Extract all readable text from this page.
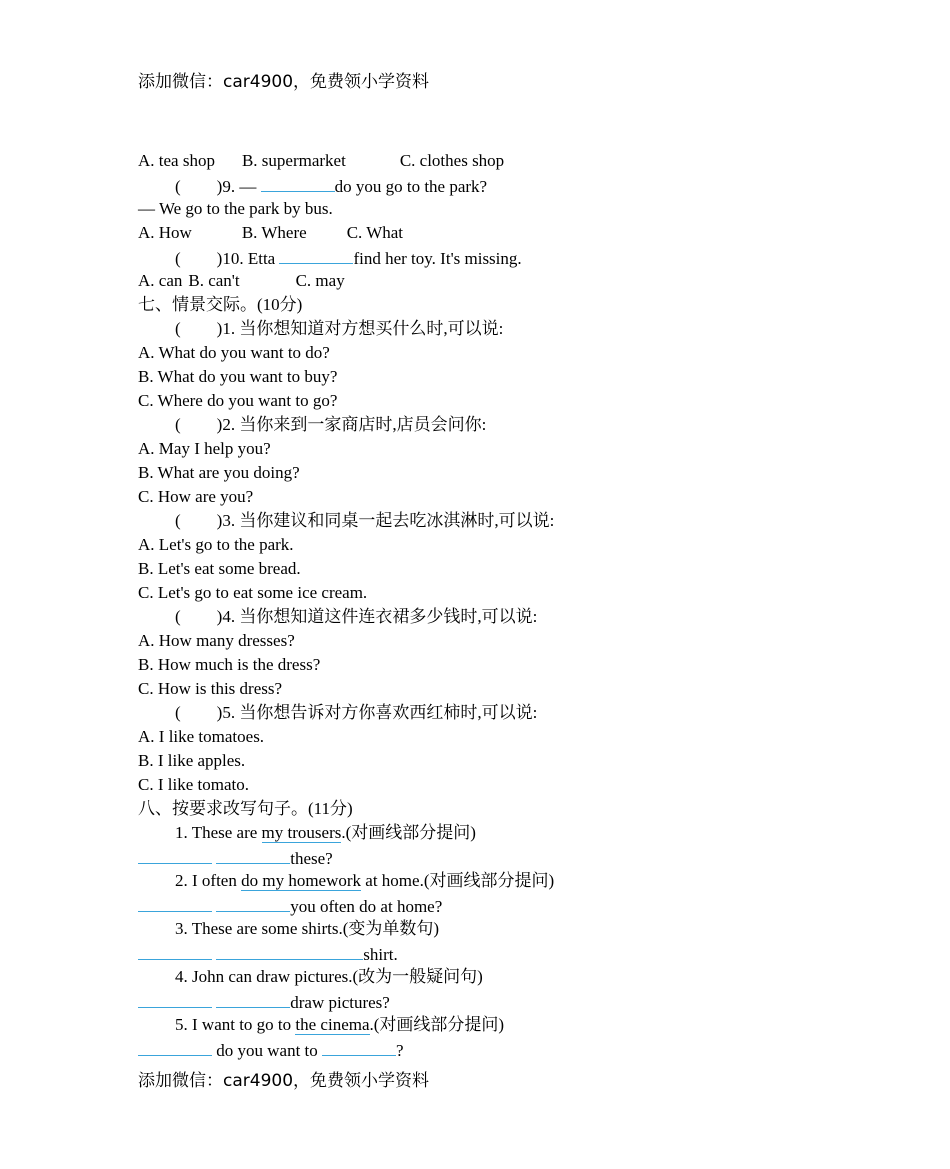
添加微信：car4900，免费领小学资料
A. tea shop B. supermarket	C. clothes shop
( )9. —	do you go to the park?
— We go to the park by bus.
A. How	B. Where C. What
( )10. Etta	find her toy. It's missing.
A. can B. can't	C. may
七、情景交际。(10分)
( )1. 当你想知道对方想买什么时,可以说:
A. What do you want to do?
B. What do you want to buy?
C. Where do you want to go?
( )2. 当你来到一家商店时,店员会问你:
A. May I help you?
B. What are you doing?
C. How are you?
( )3. 当你建议和同桌一起去吃冰淇淋时,可以说:
A. Let's go to the park.
B. Let's eat some bread.
C. Let's go to eat some ice cream.
( )4. 当你想知道这件连衣裙多少钱时,可以说:
A. How many dresses?
B. How much is the dress?
C. How is this dress?
( )5. 当你想告诉对方你喜欢西红柿时,可以说:
A. I like tomatoes.
B. I like apples.
C. I like tomato.
八、按要求改写句子。(11分)
1. These are my trousers.(对画线部分提问)
these?
2. I often do my homework at home.(对画线部分提问)
you often do at home?
3. These are some shirts.(变为单数句)
shirt.
4. John can draw pictures.(改为一般疑问句)
draw pictures?
5. I want to go to the cinema.(对画线部分提问)
do you want to	?
添加微信：car4900，免费领小学资料
